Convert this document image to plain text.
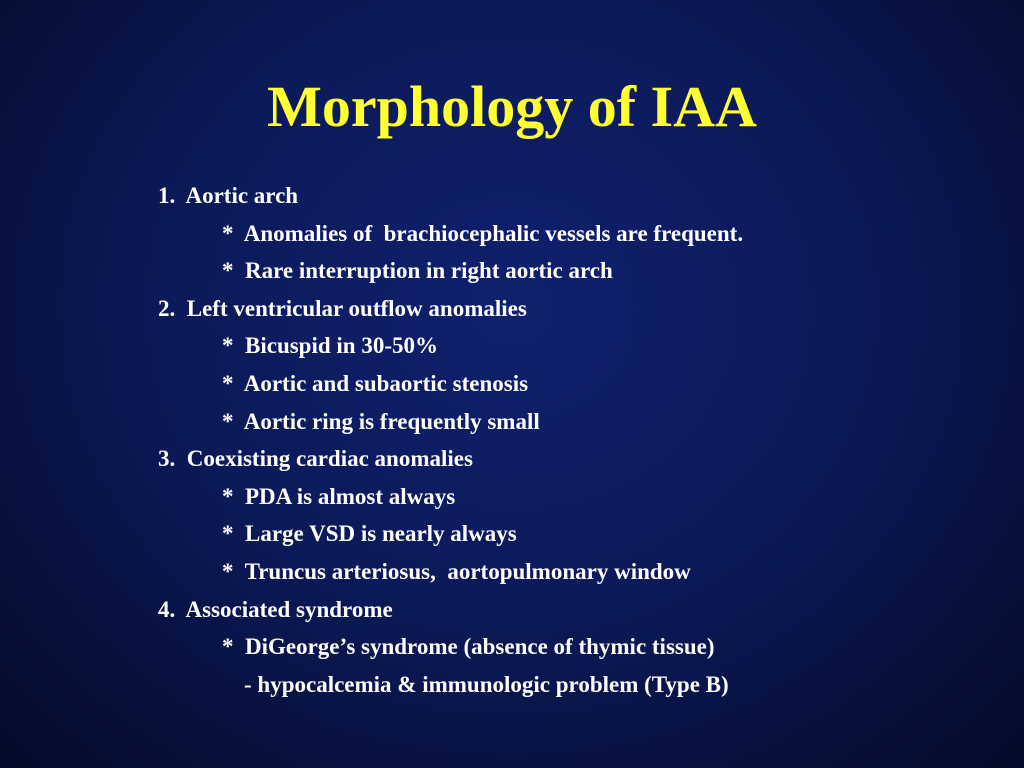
Morphology of IAA
1.  Aortic arch
*  Anomalies of  brachiocephalic vessels are frequent.
*  Rare interruption in right aortic arch
2.  Left ventricular outflow anomalies
*  Bicuspid in 30-50%
*  Aortic and subaortic stenosis
*  Aortic ring is frequently small
3.  Coexisting cardiac anomalies
*  PDA is almost always
*  Large VSD is nearly always
*  Truncus arteriosus,  aortopulmonary window
4.  Associated syndrome
*  DiGeorge’s syndrome (absence of thymic tissue)
- hypocalcemia & immunologic problem (Type B)
